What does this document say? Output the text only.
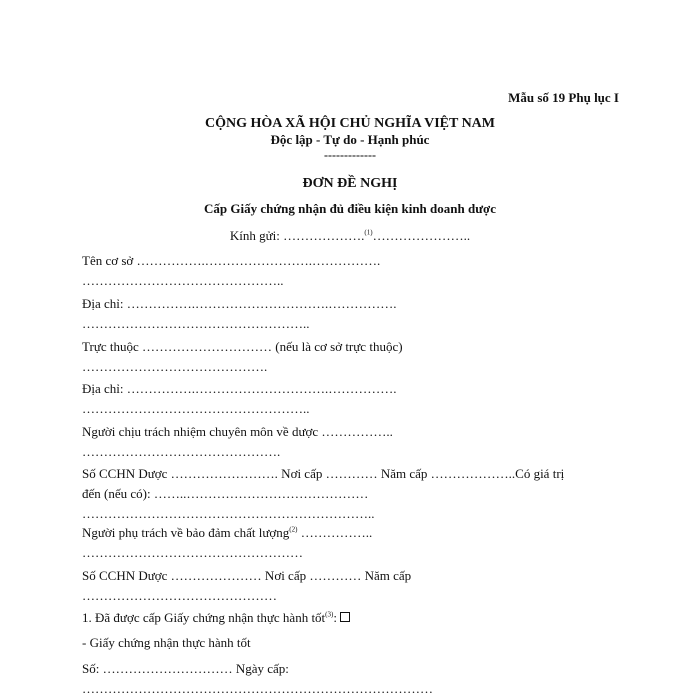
Mẫu số 19 Phụ lục I
CỘNG HÒA XÃ HỘI CHỦ NGHĨA VIỆT NAM
Độc lập - Tự do - Hạnh phúc
-------------
ĐƠN ĐỀ NGHỊ
Cấp Giấy chứng nhận đủ điều kiện kinh doanh dược
Kính gửi: ……………….$^{(1)}$…………………..
Tên cơ sở …………….…………………….…………….
………………………………………..
Địa chỉ: …………….………………………….…………….
……………………………………………..
Trực thuộc ………………………… (nếu là cơ sở trực thuộc)
…………………………………….
Địa chỉ: …………….………………………….…………….
……………………………………………..
Người chịu trách nhiệm chuyên môn về dược ……………..
……………………………………….
Số CCHN Dược ……………………. Nơi cấp ………… Năm cấp ………………..Có giá trị
đến (nếu có): ……..……………………………………
…………………………………………………………..
Người phụ trách về bảo đảm chất lượng$^{(2)}$ ……………..
……………………………………………
Số CCHN Dược ………………… Nơi cấp ………… Năm cấp
………………………………………
1. Đã được cấp Giấy chứng nhận thực hành tốt$^{(3)}$:
- Giấy chứng nhận thực hành tốt
Số: ………………………… Ngày cấp:
………………………………………………………………………
